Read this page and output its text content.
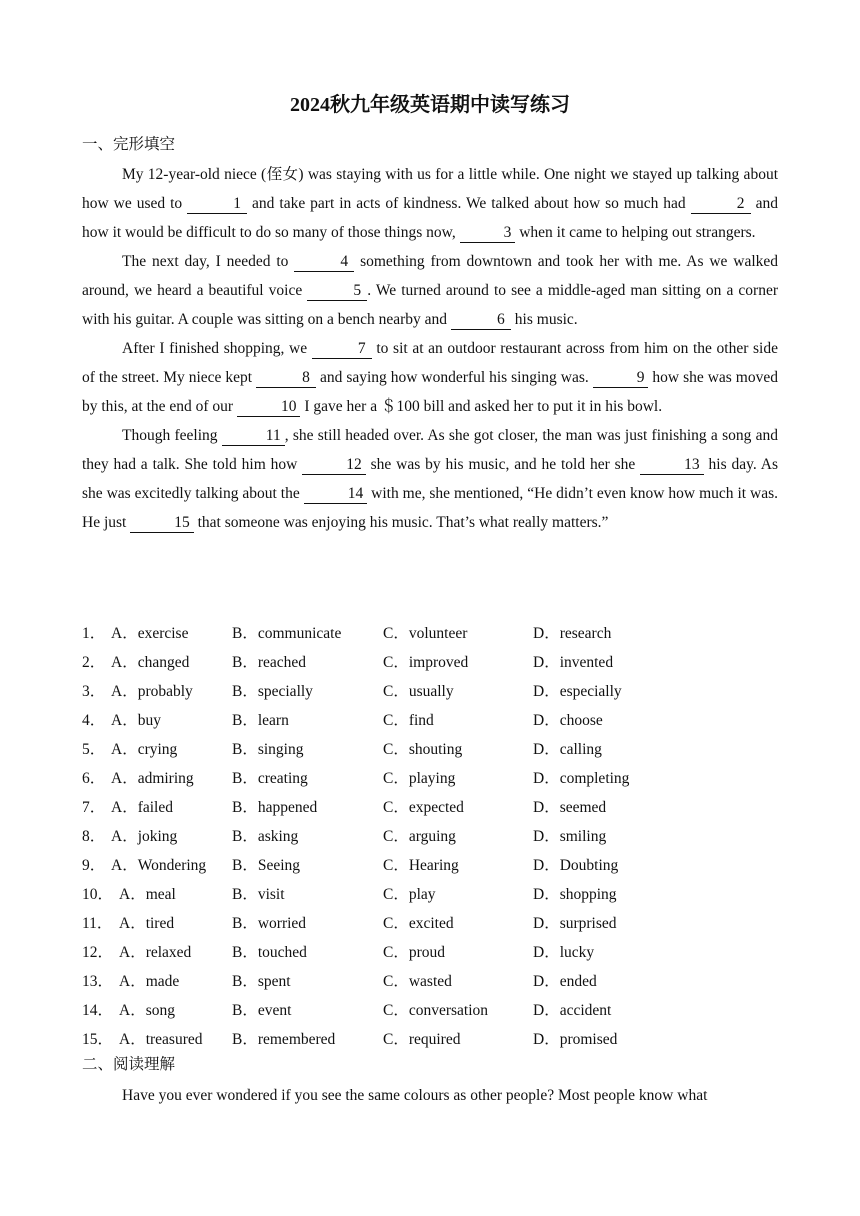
2024秋九年级英语期中读写练习
一、完形填空

My 12-year-old niece (侄女) was staying with us for a little while. One night we stayed up talking about how we used to	1 and take part in acts of kindness. We talked about how so much had	2 and how it would be difficult to do so many of those things now,	3 when it came to helping out strangers.

The next day, I needed to	4 something from downtown and took her with me. As we walked around, we heard a beautiful voice	5 . We turned around to see a middle-aged man sitting on a corner with his guitar. A couple was sitting on a bench nearby and	6 his music.

After I finished shopping, we	7 to sit at an outdoor restaurant across from him on the other side of the street. My niece kept	8 and saying how wonderful his singing was.	9 how she was moved by this, at the end of our	10 I gave her a ＄100 bill and asked her to put it in his bowl.

Though feeling	11 , she still headed over. As she got closer, the man was just finishing a song and they had a talk. She told him how	12 she was by his music, and he told her she	13 his day. As she was excitedly talking about the	14 with me, she mentioned, “He didn’t even know how much it was. He just	15 that someone was enjoying his music. That’s what really matters.”

1． A．exercise	B．communicate	C．volunteer	D．research
2． A．changed	B．reached	C．improved	D．invented
3． A．probably	B．specially	C．usually	D．especially
4． A．buy	B．learn	C．find	D．choose
5． A．crying	B．singing	C．shouting	D．calling
6． A．admiring B．creating	C．playing	D．completing
7． A．failed	B．happened	C．expected	D．seemed
8． A．joking	B．asking	C．arguing	D．smiling
9． A．Wondering B．Seeing	C．Hearing	D．Doubting
10． A．meal	B．visit	C．play	D．shopping
11． A．tired	B．worried	C．excited	D．surprised
12． A．relaxed	B．touched	C．proud	D．lucky
13． A．made	B．spent	C．wasted	D．ended
14． A．song	B．event	C．conversation	D．accident
15． A．treasured B．remembered	C．required	D．promised
二、阅读理解

Have you ever wondered if you see the same colours as other people? Most people know what
